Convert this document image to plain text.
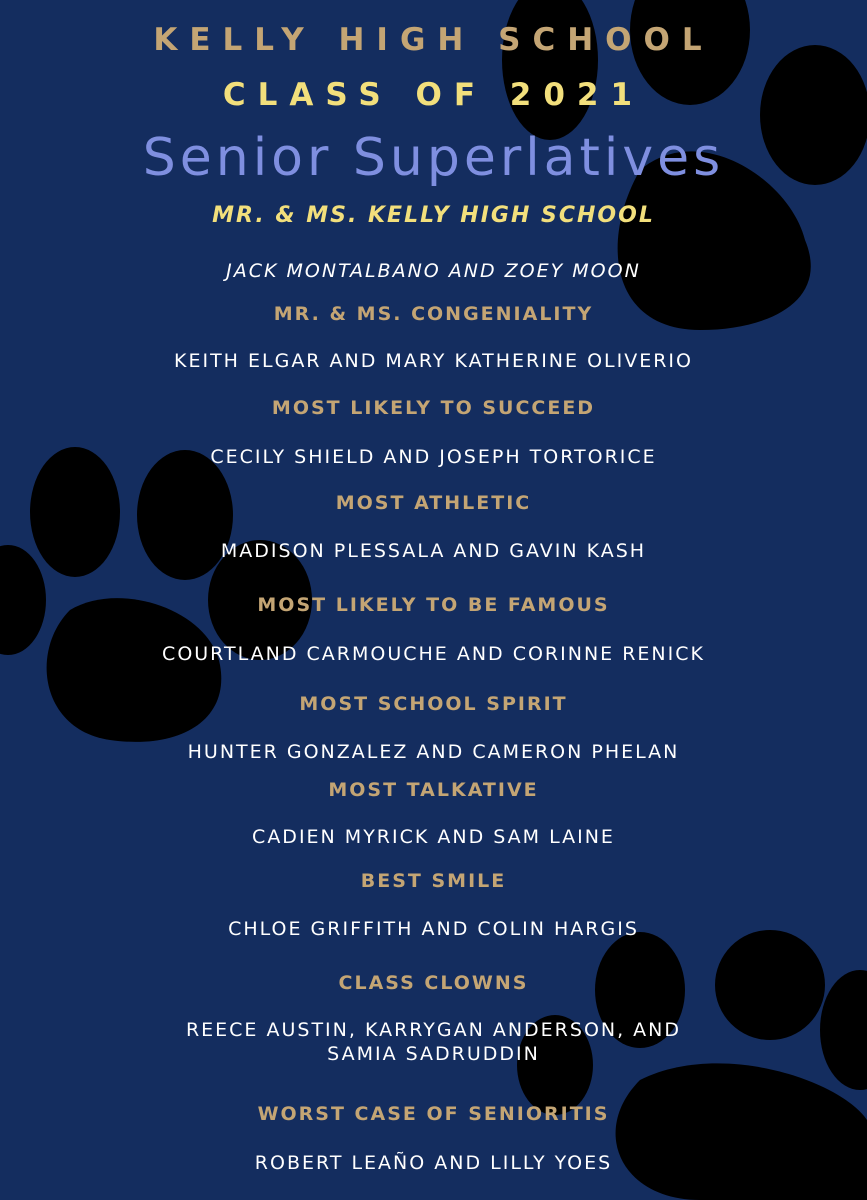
KELLY HIGH SCHOOL
CLASS OF 2021
Senior Superlatives
MR. & MS. KELLY HIGH SCHOOL
JACK MONTALBANO AND ZOEY MOON
MR. & MS. CONGENIALITY
KEITH ELGAR AND MARY KATHERINE OLIVERIO
MOST LIKELY TO SUCCEED
CECILY SHIELD AND JOSEPH TORTORICE
MOST ATHLETIC
MADISON PLESSALA AND GAVIN KASH
MOST LIKELY TO BE FAMOUS
COURTLAND CARMOUCHE AND CORINNE RENICK
MOST SCHOOL SPIRIT
HUNTER GONZALEZ AND CAMERON PHELAN
MOST TALKATIVE
CADIEN MYRICK AND SAM LAINE
BEST SMILE
CHLOE GRIFFITH AND COLIN HARGIS
CLASS CLOWNS
REECE AUSTIN, KARRYGAN ANDERSON, AND
SAMIA SADRUDDIN
WORST CASE OF SENIORITIS
ROBERT LEAÑO AND LILLY YOES
